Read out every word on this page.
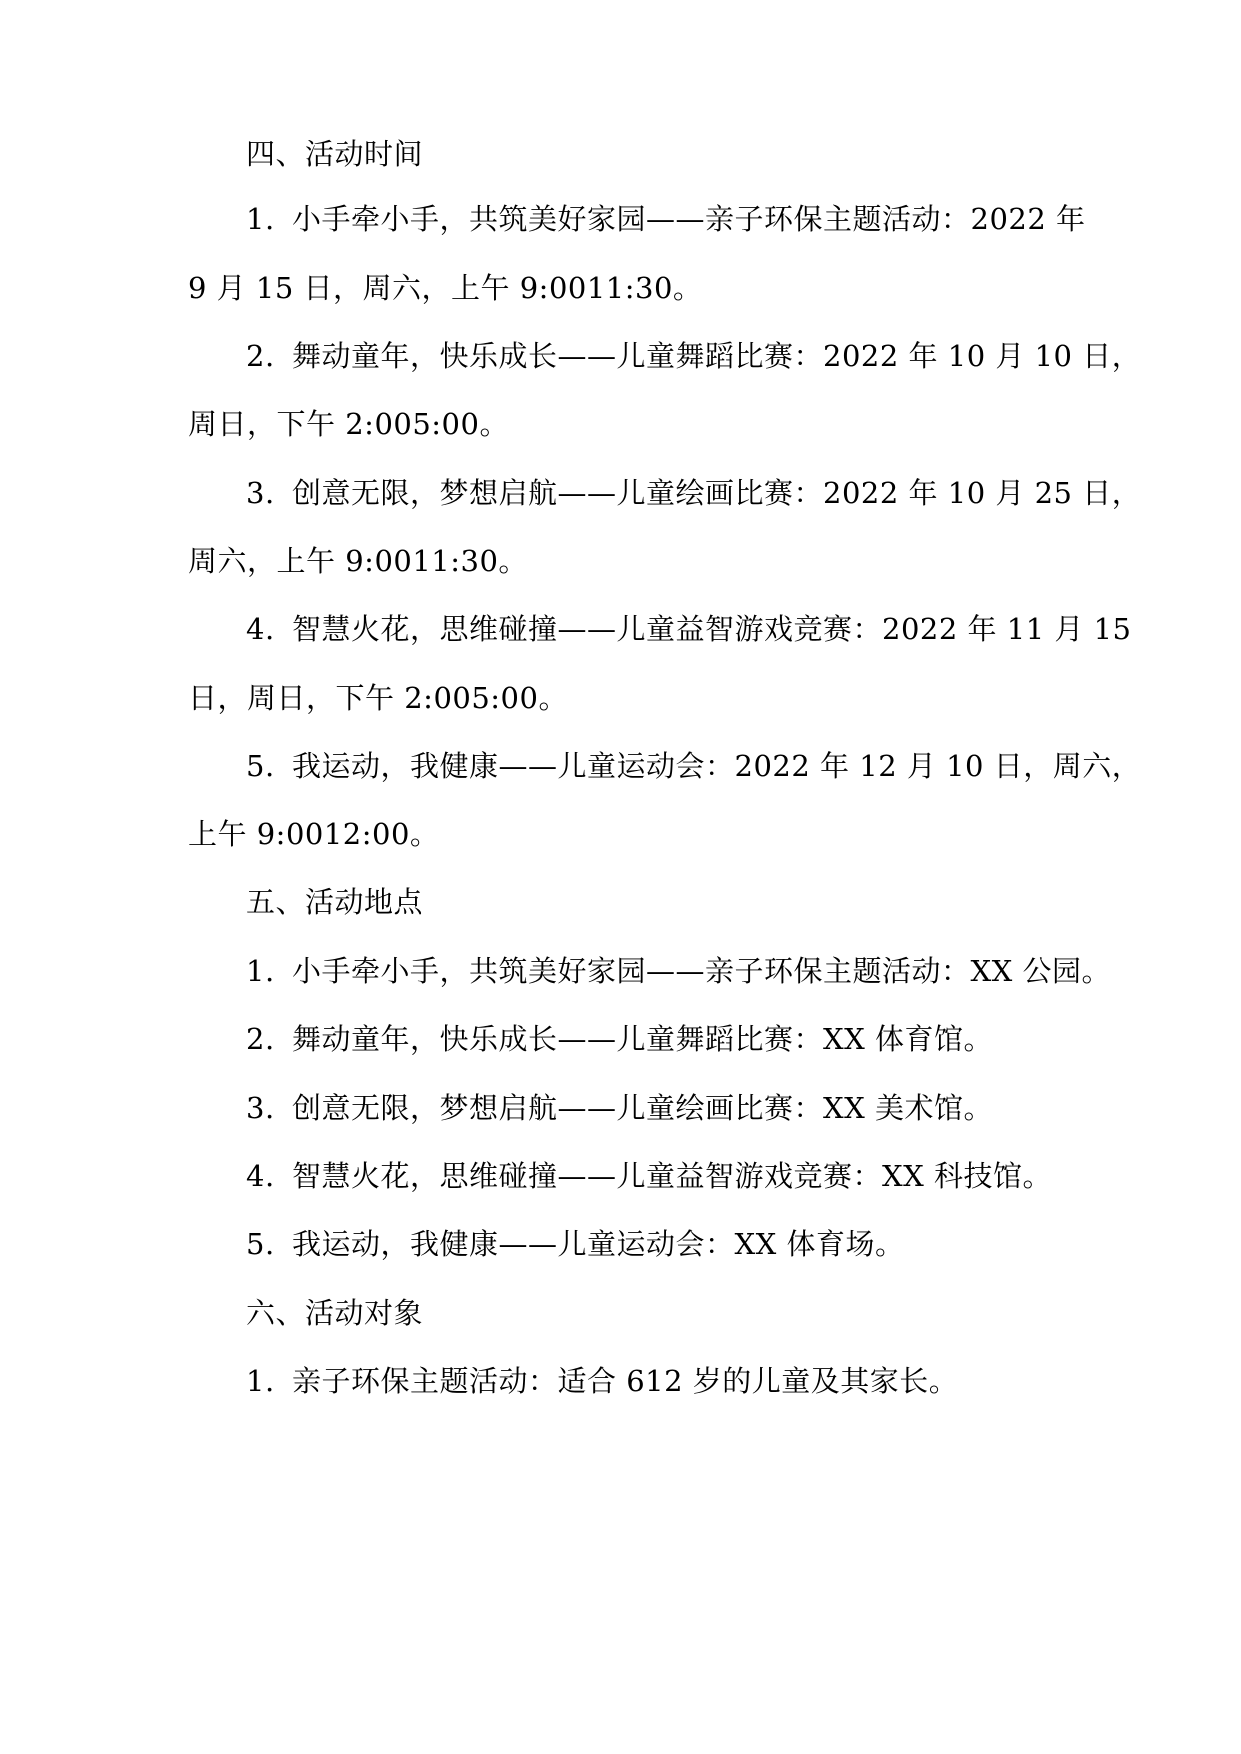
四、活动时间
1. 小手牵小手，共筑美好家园——亲子环保主题活动：2022 年
9 月 15 日，周六，上午 9:0011:30。
2. 舞动童年，快乐成长——儿童舞蹈比赛：2022 年 10 月 10 日，
周日，下午 2:005:00。
3. 创意无限，梦想启航——儿童绘画比赛：2022 年 10 月 25 日，
周六，上午 9:0011:30。
4. 智慧火花，思维碰撞——儿童益智游戏竞赛：2022 年 11 月 15
日，周日，下午 2:005:00。
5. 我运动，我健康——儿童运动会：2022 年 12 月 10 日，周六，
上午 9:0012:00。
五、活动地点
1. 小手牵小手，共筑美好家园——亲子环保主题活动：XX 公园。
2. 舞动童年，快乐成长——儿童舞蹈比赛：XX 体育馆。
3. 创意无限，梦想启航——儿童绘画比赛：XX 美术馆。
4. 智慧火花，思维碰撞——儿童益智游戏竞赛：XX 科技馆。
5. 我运动，我健康——儿童运动会：XX 体育场。
六、活动对象
1. 亲子环保主题活动：适合 612 岁的儿童及其家长。
